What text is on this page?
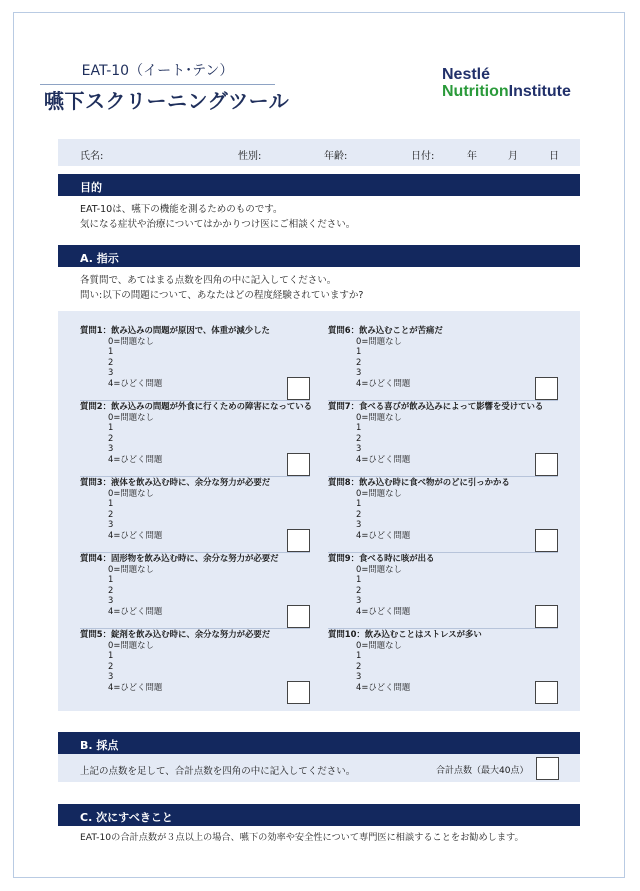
EAT-10（イート･テン）
嚥下スクリーニングツール
Nestlé
NutritionInstitute
氏名:	性別:	年齢:	日付:	年	月	日
目的
EAT-10は、嚥下の機能を測るためのものです。
気になる症状や治療についてはかかりつけ医にご相談ください。
A. 指示
各質問で、あてはまる点数を四角の中に記入してください。
問い:以下の問題について、あなたはどの程度経験されていますか?
質問1：飲み込みの問題が原因で、体重が減少した
0=問題なし
1
2
3
4=ひどく問題
質問2：飲み込みの問題が外食に行くための障害になっている
0=問題なし
1
2
3
4=ひどく問題
質問3：液体を飲み込む時に、余分な努力が必要だ
0=問題なし
1
2
3
4=ひどく問題
質問4：固形物を飲み込む時に、余分な努力が必要だ
0=問題なし
1
2
3
4=ひどく問題
質問5：錠剤を飲み込む時に、余分な努力が必要だ
0=問題なし
1
2
3
4=ひどく問題
質問6：飲み込むことが苦痛だ
0=問題なし
1
2
3
4=ひどく問題
質問7：食べる喜びが飲み込みによって影響を受けている
0=問題なし
1
2
3
4=ひどく問題
質問8：飲み込む時に食べ物がのどに引っかかる
0=問題なし
1
2
3
4=ひどく問題
質問9：食べる時に咳が出る
0=問題なし
1
2
3
4=ひどく問題
質問10：飲み込むことはストレスが多い
0=問題なし
1
2
3
4=ひどく問題
B. 採点
上記の点数を足して、合計点数を四角の中に記入してください。	合計点数（最大40点）
C. 次にすべきこと
EAT-10の合計点数が３点以上の場合、嚥下の効率や安全性について専門医に相談することをお勧めします。
